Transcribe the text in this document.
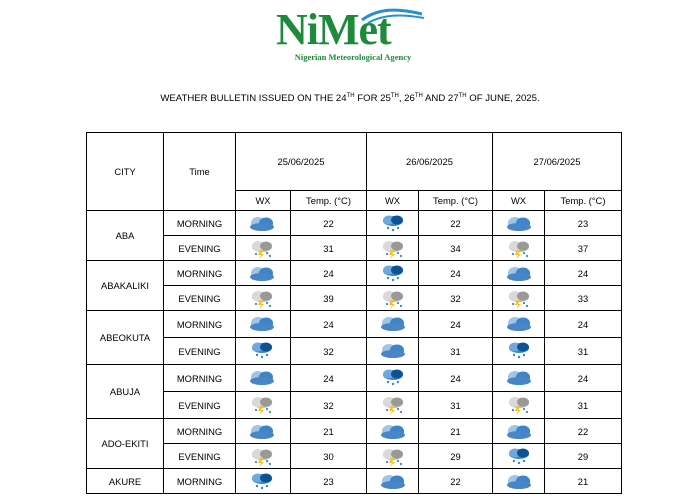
NiMet
Nigerian Meteorological Agency
WEATHER BULLETIN ISSUED ON THE 24TH FOR 25TH, 26TH AND 27TH OF JUNE, 2025.
CITY	Time	25/06/2025		26/06/2025		27/06/2025	
		WX	Temp. (°C)	WX	Temp. (°C)	WX	Temp. (°C)
ABA	MORNING		22		22		23
	EVENING		31		34		37
ABAKALIKI	MORNING		24		24		24
	EVENING		39		32		33
ABEOKUTA	MORNING		24		24		24
	EVENING		32		31		31
ABUJA	MORNING		24		24		24
	EVENING		32		31		31
ADO-EKITI	MORNING		21		21		22
	EVENING		30		29		29
AKURE	MORNING		23		22		21
